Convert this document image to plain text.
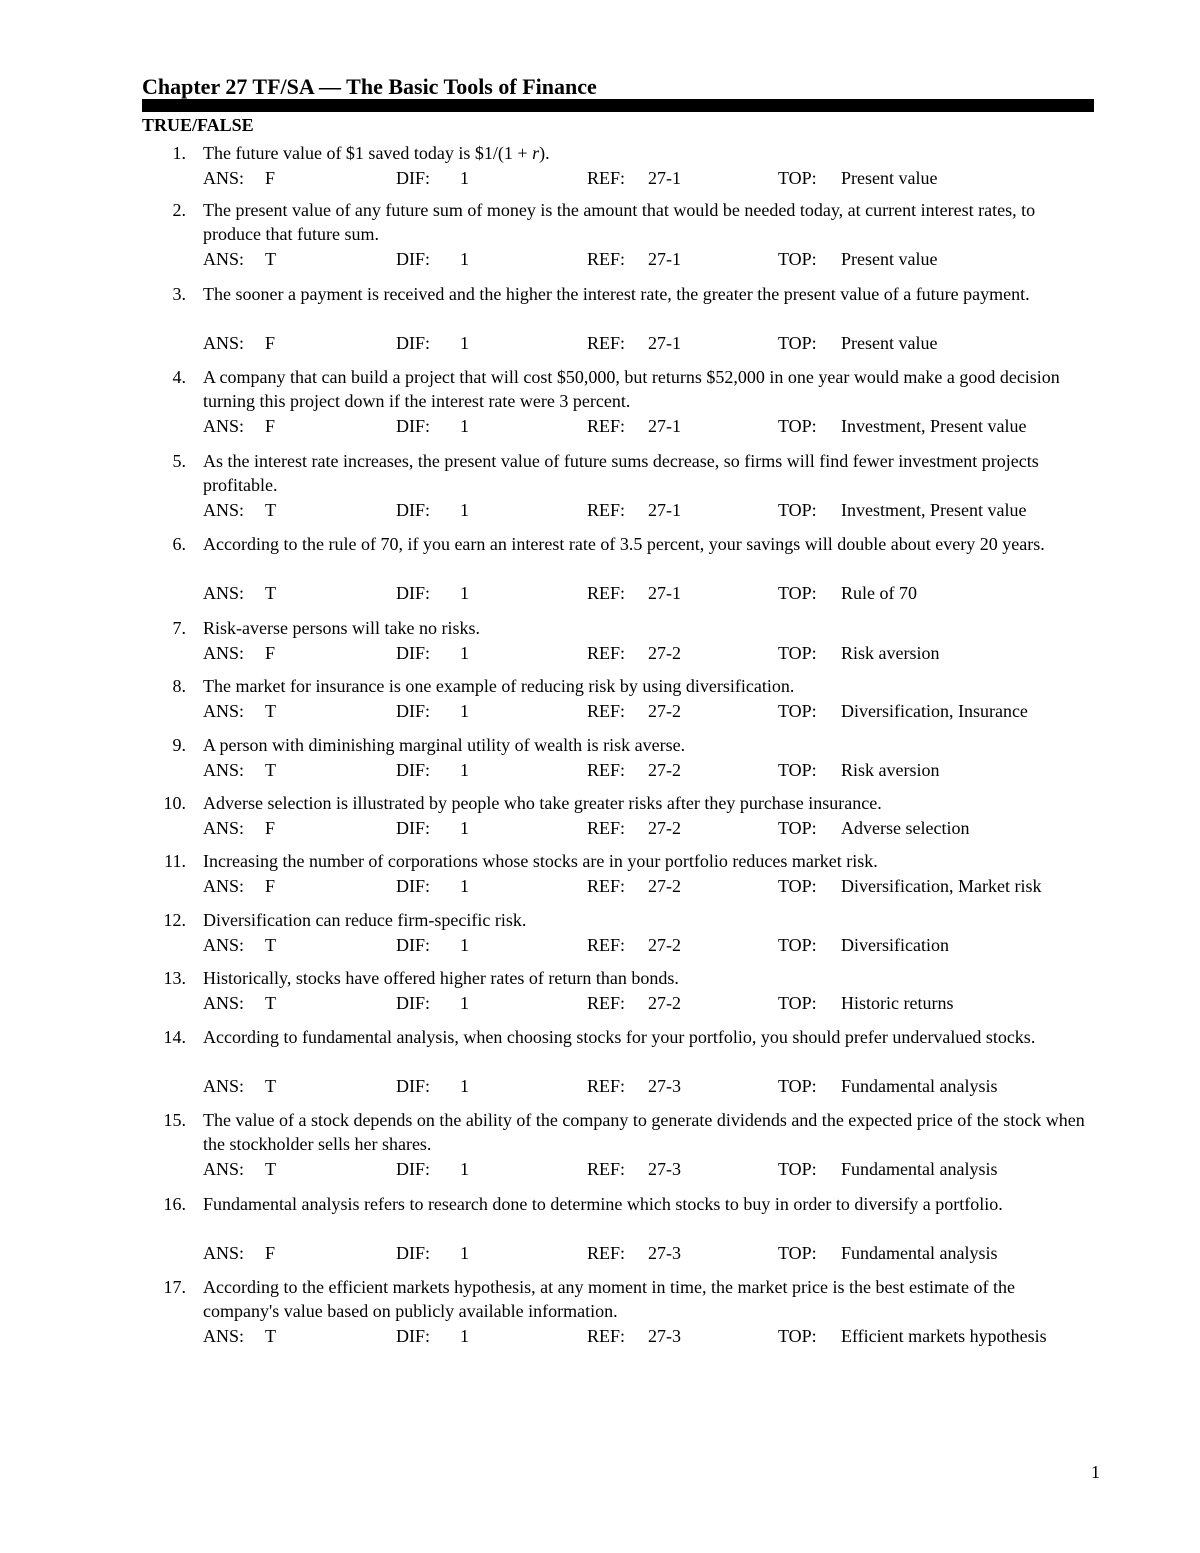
Chapter 27 TF/SA — The Basic Tools of Finance
TRUE/FALSE
1. The future value of $1 saved today is $1/(1 + r).
ANS: F	DIF: 1	REF: 27-1	TOP: Present value
2. The present value of any future sum of money is the amount that would be needed today, at current interest rates, to produce that future sum.
ANS: T	DIF: 1	REF: 27-1	TOP: Present value
3. The sooner a payment is received and the higher the interest rate, the greater the present value of a future payment.
ANS: F	DIF: 1	REF: 27-1	TOP: Present value
4. A company that can build a project that will cost $50,000, but returns $52,000 in one year would make a good decision turning this project down if the interest rate were 3 percent.
ANS: F	DIF: 1	REF: 27-1	TOP: Investment, Present value
5. As the interest rate increases, the present value of future sums decrease, so firms will find fewer investment projects profitable.
ANS: T	DIF: 1	REF: 27-1	TOP: Investment, Present value
6. According to the rule of 70, if you earn an interest rate of 3.5 percent, your savings will double about every 20 years.
ANS: T	DIF: 1	REF: 27-1	TOP: Rule of 70
7. Risk-averse persons will take no risks.
ANS: F	DIF: 1	REF: 27-2	TOP: Risk aversion
8. The market for insurance is one example of reducing risk by using diversification.
ANS: T	DIF: 1	REF: 27-2	TOP: Diversification, Insurance
9. A person with diminishing marginal utility of wealth is risk averse.
ANS: T	DIF: 1	REF: 27-2	TOP: Risk aversion
10. Adverse selection is illustrated by people who take greater risks after they purchase insurance.
ANS: F	DIF: 1	REF: 27-2	TOP: Adverse selection
11. Increasing the number of corporations whose stocks are in your portfolio reduces market risk.
ANS: F	DIF: 1	REF: 27-2	TOP: Diversification, Market risk
12. Diversification can reduce firm-specific risk.
ANS: T	DIF: 1	REF: 27-2	TOP: Diversification
13. Historically, stocks have offered higher rates of return than bonds.
ANS: T	DIF: 1	REF: 27-2	TOP: Historic returns
14. According to fundamental analysis, when choosing stocks for your portfolio, you should prefer undervalued stocks.
ANS: T	DIF: 1	REF: 27-3	TOP: Fundamental analysis
15. The value of a stock depends on the ability of the company to generate dividends and the expected price of the stock when the stockholder sells her shares.
ANS: T	DIF: 1	REF: 27-3	TOP: Fundamental analysis
16. Fundamental analysis refers to research done to determine which stocks to buy in order to diversify a portfolio.
ANS: F	DIF: 1	REF: 27-3	TOP: Fundamental analysis
17. According to the efficient markets hypothesis, at any moment in time, the market price is the best estimate of the company's value based on publicly available information.
ANS: T	DIF: 1	REF: 27-3	TOP: Efficient markets hypothesis
1
